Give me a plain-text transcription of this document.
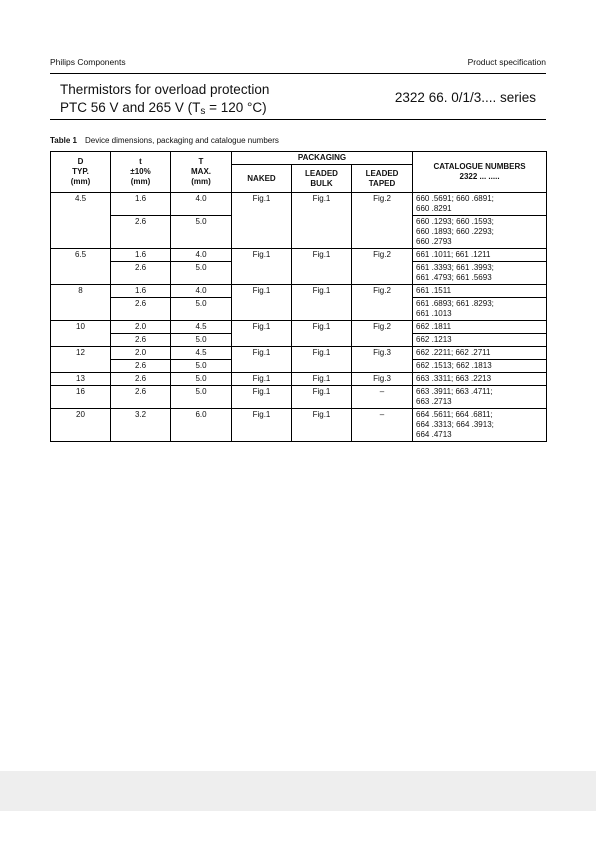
Philips Components	Product specification
Thermistors for overload protection
PTC 56 V and 265 V (Ts = 120 °C)
2322 66. 0/1/3.... series
Table 1 Device dimensions, packaging and catalogue numbers
D
TYP.
(mm)	t
±10%
(mm)	T
MAX.
(mm)	PACKAGING			CATALOGUE NUMBERS
2322 ... .....
			NAKED	LEADED
BULK	LEADED
TAPED	
4.5	1.6	4.0	Fig.1	Fig.1	Fig.2	660 .5691; 660 .6891;
660 .8291

	2.6	5.0				660 .1293; 660 .1593;
660 .1893; 660 .2293;
660 .2793

6.5	1.6	4.0	Fig.1	Fig.1	Fig.2	661 .1011; 661 .1211

	2.6	5.0				661 .3393; 661 .3993;
661 .4793; 661 .5693

8	1.6	4.0	Fig.1	Fig.1	Fig.2	661 .1511

	2.6	5.0				661 .6893; 661 .8293;
661 .1013

10	2.0	4.5	Fig.1	Fig.1	Fig.2	662 .1811

	2.6	5.0				662 .1213

12	2.0	4.5	Fig.1	Fig.1	Fig.3	662 .2211; 662 .2711

	2.6	5.0				662 .1513; 662 .1813

13	2.6	5.0	Fig.1	Fig.1	Fig.3	663 .3311; 663 .2213

16	2.6	5.0	Fig.1	Fig.1	–	663 .3911; 663 .4711;
663 .2713

20	3.2	6.0	Fig.1	Fig.1	–	664 .5611; 664 .6811;
664 .3313; 664 .3913;
664 .4713
